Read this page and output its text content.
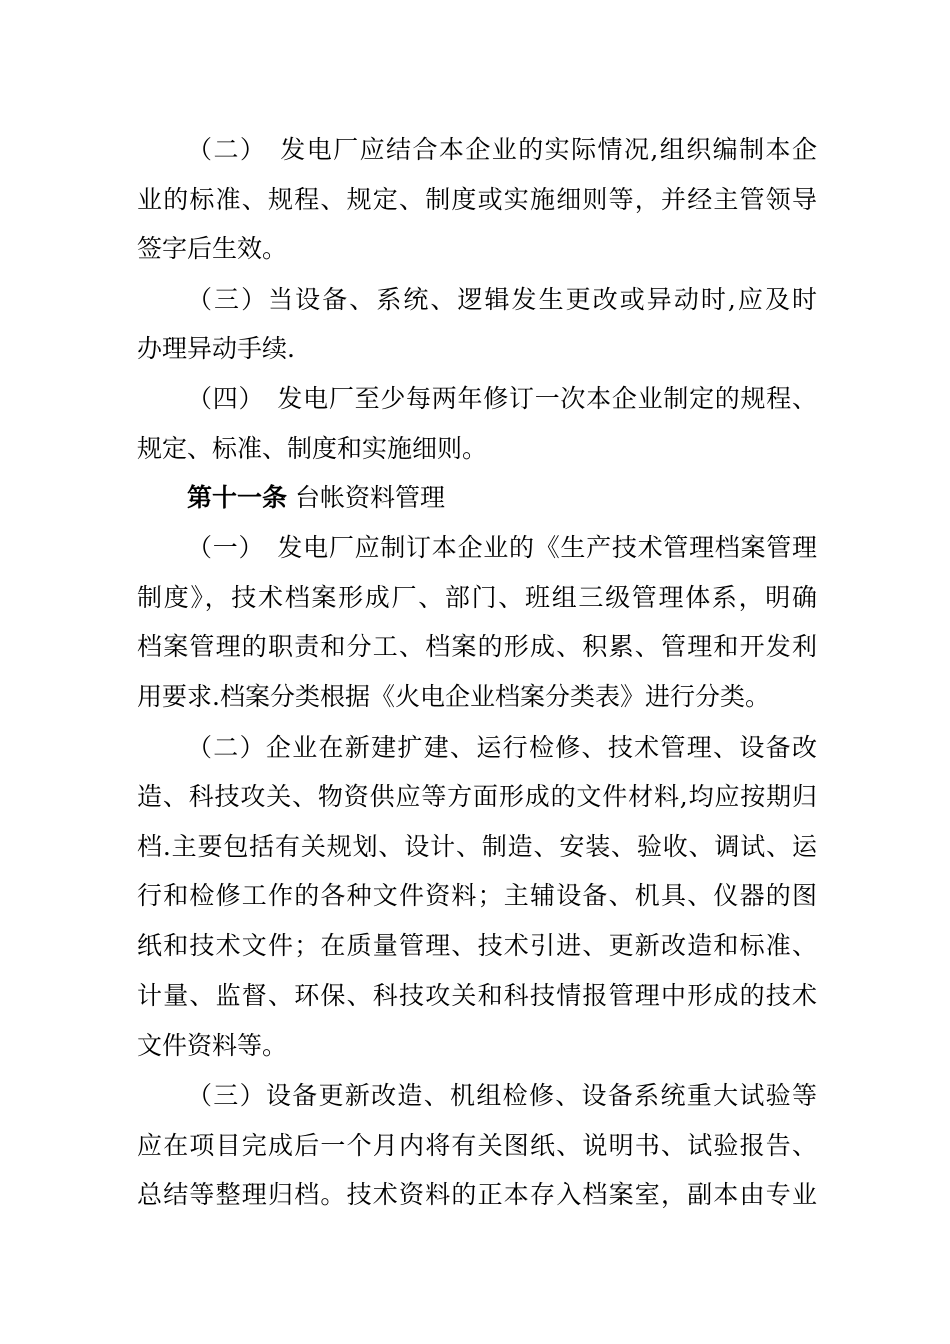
（二）　发电厂应结合本企业的实际情况,组织编制本企
业的标准、规程、规定、制度或实施细则等，并经主管领导
签字后生效。
（三）当设备、系统、逻辑发生更改或异动时,应及时
办理异动手续.
（四）　发电厂至少每两年修订一次本企业制定的规程、
规定、标准、制度和实施细则。
第十一条 台帐资料管理
（一）　发电厂应制订本企业的《生产技术管理档案管理
制度》，技术档案形成厂、部门、班组三级管理体系，明确
档案管理的职责和分工、档案的形成、积累、管理和开发利
用要求.档案分类根据《火电企业档案分类表》进行分类。
（二）企业在新建扩建、运行检修、技术管理、设备改
造、科技攻关、物资供应等方面形成的文件材料,均应按期归
档.主要包括有关规划、设计、制造、安装、验收、调试、运
行和检修工作的各种文件资料；主辅设备、机具、仪器的图
纸和技术文件；在质量管理、技术引进、更新改造和标准、
计量、监督、环保、科技攻关和科技情报管理中形成的技术
文件资料等。
（三）设备更新改造、机组检修、设备系统重大试验等
应在项目完成后一个月内将有关图纸、说明书、试验报告、
总结等整理归档。技术资料的正本存入档案室，副本由专业
